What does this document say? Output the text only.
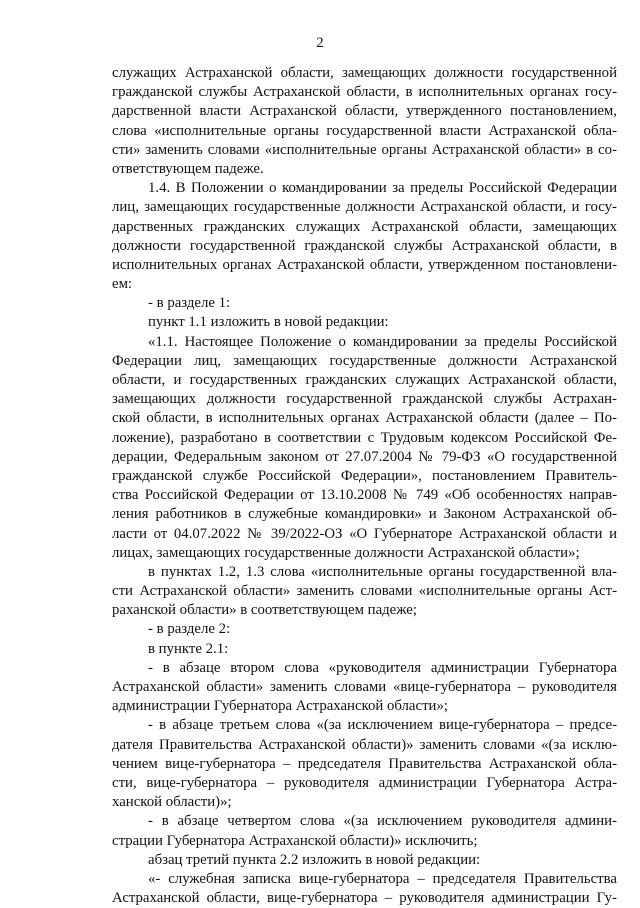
2
служащих Астраханской области, замещающих должности государственной
гражданской службы Астраханской области, в исполнительных органах госу-
дарственной власти Астраханской области, утвержденного постановлением,
слова «исполнительные органы государственной власти Астраханской обла-
сти» заменить словами «исполнительные органы Астраханской области» в со-
ответствующем падеже.
1.4. В Положении о командировании за пределы Российской Федерации
лиц, замещающих государственные должности Астраханской области, и госу-
дарственных гражданских служащих Астраханской области, замещающих
должности государственной гражданской службы Астраханской области, в
исполнительных органах Астраханской области, утвержденном постановлени-
ем:
- в разделе 1:
пункт 1.1 изложить в новой редакции:
«1.1. Настоящее Положение о командировании за пределы Российской
Федерации лиц, замещающих государственные должности Астраханской
области, и государственных гражданских служащих Астраханской области,
замещающих должности государственной гражданской службы Астрахан-
ской области, в исполнительных органах Астраханской области (далее – По-
ложение), разработано в соответствии с Трудовым кодексом Российской Фе-
дерации, Федеральным законом от 27.07.2004 № 79-ФЗ «О государственной
гражданской службе Российской Федерации», постановлением Правитель-
ства Российской Федерации от 13.10.2008 № 749 «Об особенностях направ-
ления работников в служебные командировки» и Законом Астраханской об-
ласти от 04.07.2022 № 39/2022-ОЗ «О Губернаторе Астраханской области и
лицах, замещающих государственные должности Астраханской области»;
в пунктах 1.2, 1.3 слова «исполнительные органы государственной вла-
сти Астраханской области» заменить словами «исполнительные органы Аст-
раханской области» в соответствующем падеже;
- в разделе 2:
в пункте 2.1:
- в абзаце втором слова «руководителя администрации Губернатора
Астраханской области» заменить словами «вице-губернатора – руководителя
администрации Губернатора Астраханской области»;
- в абзаце третьем слова «(за исключением вице-губернатора – предсе-
дателя Правительства Астраханской области)» заменить словами «(за исклю-
чением вице-губернатора – председателя Правительства Астраханской обла-
сти, вице-губернатора – руководителя администрации Губернатора Астра-
ханской области)»;
- в абзаце четвертом слова «(за исключением руководителя админи-
страции Губернатора Астраханской области)» исключить;
абзац третий пункта 2.2 изложить в новой редакции:
«- служебная записка вице-губернатора – председателя Правительства
Астраханской области, вице-губернатора – руководителя администрации Гу-
